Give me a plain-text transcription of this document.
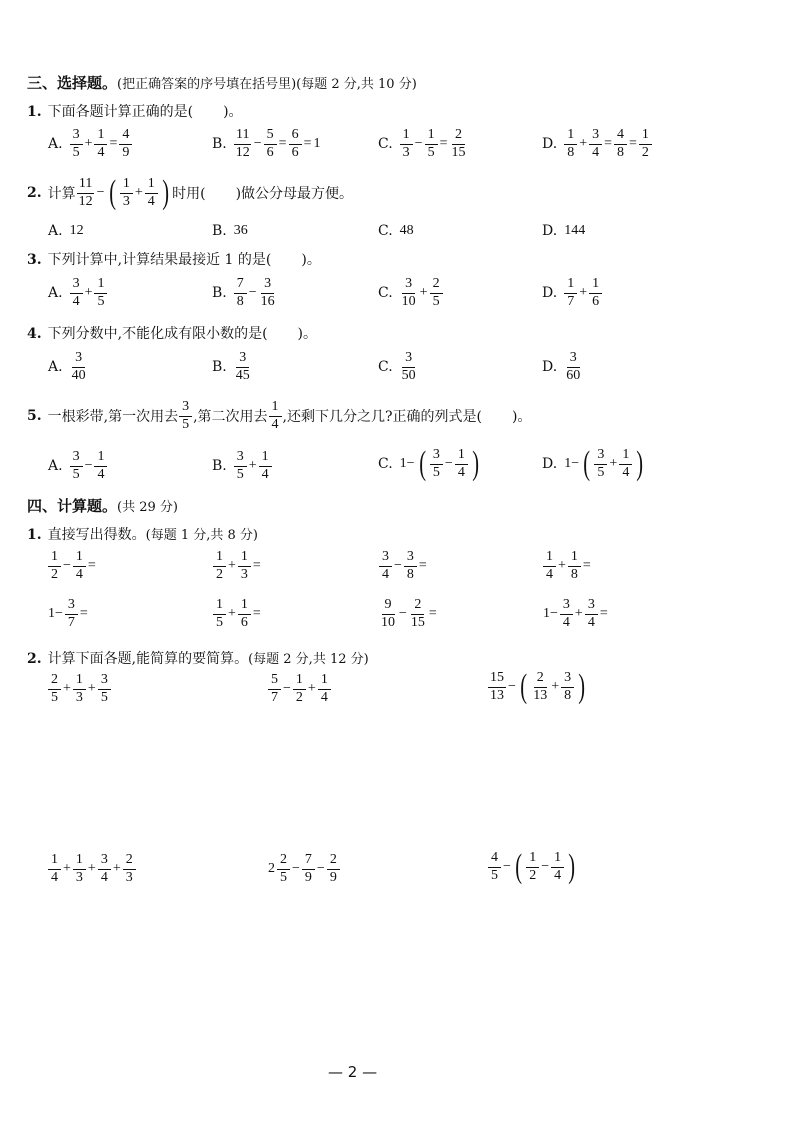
三、选择题。(把正确答案的序号填在括号里)(每题 2 分,共 10 分)
1. 下面各题计算正确的是( )。
A. $\frac{3}{5} + \frac{1}{4} = \frac{4}{9}$	B. $\frac{11}{12} - \frac{5}{6} = \frac{6}{6} = 1$	C. $\frac{1}{3} - \frac{1}{5} = \frac{2}{15}$	D. $\frac{1}{8} + \frac{3}{4} = \frac{4}{8} = \frac{1}{2}$
2. 计算 $\frac{11}{12}$ − ( $\frac{1}{3} + \frac{1}{4}$ ) 时用( )做公分母最方便。
A. 12	B. 36	C. 48	D. 144
3. 下列计算中,计算结果最接近 1 的是( )。
A. $\frac{3}{4} + \frac{1}{5}$	B. $\frac{7}{8} - \frac{3}{16}$	C. $\frac{3}{10} + \frac{2}{5}$	D. $\frac{1}{7} + \frac{1}{6}$
4. 下列分数中,不能化成有限小数的是( )。
A. $\frac{3}{40}$	B. $\frac{3}{45}$	C. $\frac{3}{50}$	D. $\frac{3}{60}$
5. 一根彩带,第一次用去 $\frac{3}{5}$ ,第二次用去 $\frac{1}{4}$ ,还剩下几分之几?正确的列式是( )。
A. $\frac{3}{5} - \frac{1}{4}$	B. $\frac{3}{5} + \frac{1}{4}$	C. 1− ( $\frac{3}{5} - \frac{1}{4}$ )	D. 1− ( $\frac{3}{5} + \frac{1}{4}$ )
四、计算题。(共 29 分)
1. 直接写出得数。(每题 1 分,共 8 分)
$\frac{1}{2} - \frac{1}{4}$ =	$\frac{1}{2} + \frac{1}{3}$ =	$\frac{3}{4} - \frac{3}{8}$ =	$\frac{1}{4} + \frac{1}{8}$ =
$1- \frac{3}{7}$ =	$\frac{1}{5} + \frac{1}{6}$ =	$\frac{9}{10} - \frac{2}{15}$ =	$1- \frac{3}{4} + \frac{3}{4}$ =
2. 计算下面各题,能简算的要简算。(每题 2 分,共 12 分)
$\frac{2}{5} + \frac{1}{3} + \frac{3}{5}$	$\frac{5}{7} - \frac{1}{2} + \frac{1}{4}$	$\frac{15}{13}$ − ( $\frac{2}{13} + \frac{3}{8}$ )
$\frac{1}{4} + \frac{1}{3} + \frac{3}{4} + \frac{2}{3}$	$2 \frac{2}{5} - \frac{7}{9} - \frac{2}{9}$	$\frac{4}{5}$ − ( $\frac{1}{2} - \frac{1}{4}$ )
— 2 —
